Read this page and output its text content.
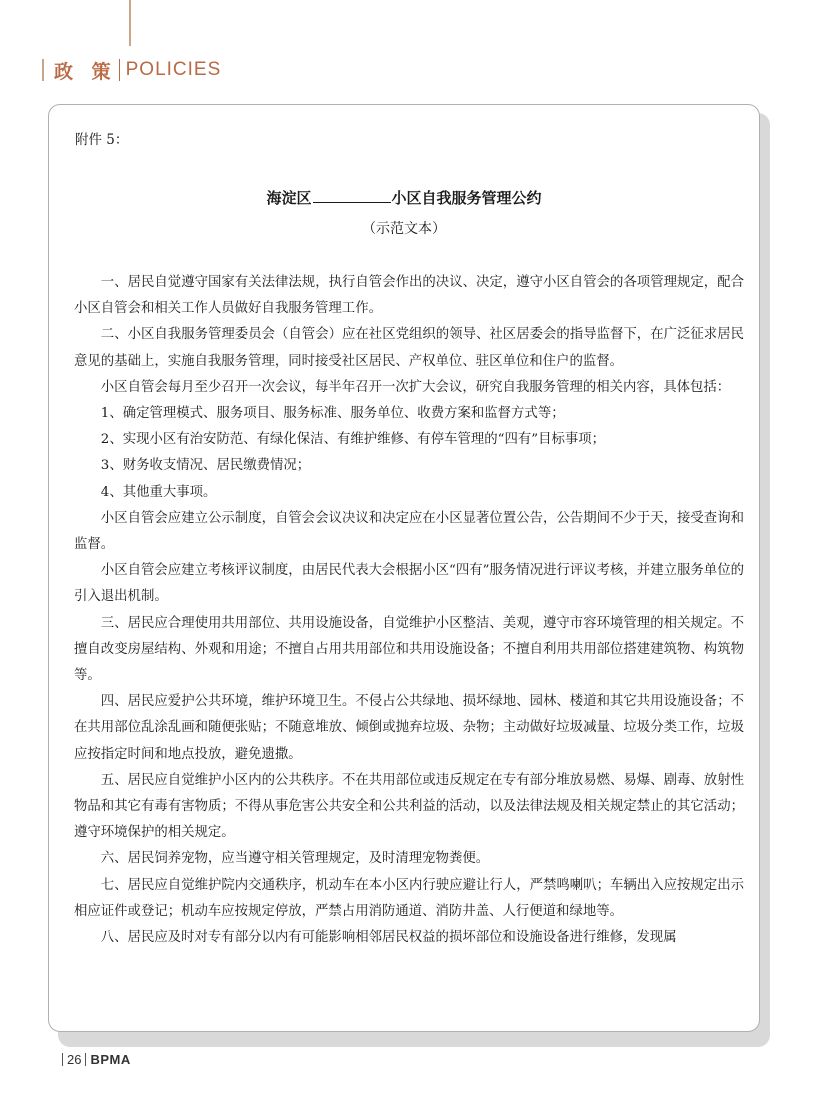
政 策 POLICIES
附件 5：
海淀区	小区自我服务管理公约
（示范文本）

一、居民自觉遵守国家有关法律法规，执行自管会作出的决议、决定，遵守小区自管会的各项管理规定，配合小区自管会和相关工作人员做好自我服务管理工作。

二、小区自我服务管理委员会（自管会）应在社区党组织的领导、社区居委会的指导监督下，在广泛征求居民意见的基础上，实施自我服务管理，同时接受社区居民、产权单位、驻区单位和住户的监督。

小区自管会每月至少召开一次会议，每半年召开一次扩大会议，研究自我服务管理的相关内容，具体包括：

1、确定管理模式、服务项目、服务标准、服务单位、收费方案和监督方式等；

2、实现小区有治安防范、有绿化保洁、有维护维修、有停车管理的“四有”目标事项；

3、财务收支情况、居民缴费情况；

4、其他重大事项。

小区自管会应建立公示制度，自管会会议决议和决定应在小区显著位置公告，公告期间不少于天，接受查询和监督。

小区自管会应建立考核评议制度，由居民代表大会根据小区“四有”服务情况进行评议考核，并建立服务单位的引入退出机制。

三、居民应合理使用共用部位、共用设施设备，自觉维护小区整洁、美观，遵守市容环境管理的相关规定。不擅自改变房屋结构、外观和用途；不擅自占用共用部位和共用设施设备；不擅自利用共用部位搭建建筑物、构筑物等。

四、居民应爱护公共环境，维护环境卫生。不侵占公共绿地、损坏绿地、园林、楼道和其它共用设施设备；不在共用部位乱涂乱画和随便张贴；不随意堆放、倾倒或抛弃垃圾、杂物；主动做好垃圾减量、垃圾分类工作，垃圾应按指定时间和地点投放，避免遗撒。

五、居民应自觉维护小区内的公共秩序。不在共用部位或违反规定在专有部分堆放易燃、易爆、剧毒、放射性物品和其它有毒有害物质；不得从事危害公共安全和公共利益的活动，以及法律法规及相关规定禁止的其它活动；遵守环境保护的相关规定。

六、居民饲养宠物，应当遵守相关管理规定，及时清理宠物粪便。

七、居民应自觉维护院内交通秩序，机动车在本小区内行驶应避让行人，严禁鸣喇叭；车辆出入应按规定出示相应证件或登记；机动车应按规定停放，严禁占用消防通道、消防井盖、人行便道和绿地等。

八、居民应及时对专有部分以内有可能影响相邻居民权益的损坏部位和设施设备进行维修，发现属

26 BPMA
